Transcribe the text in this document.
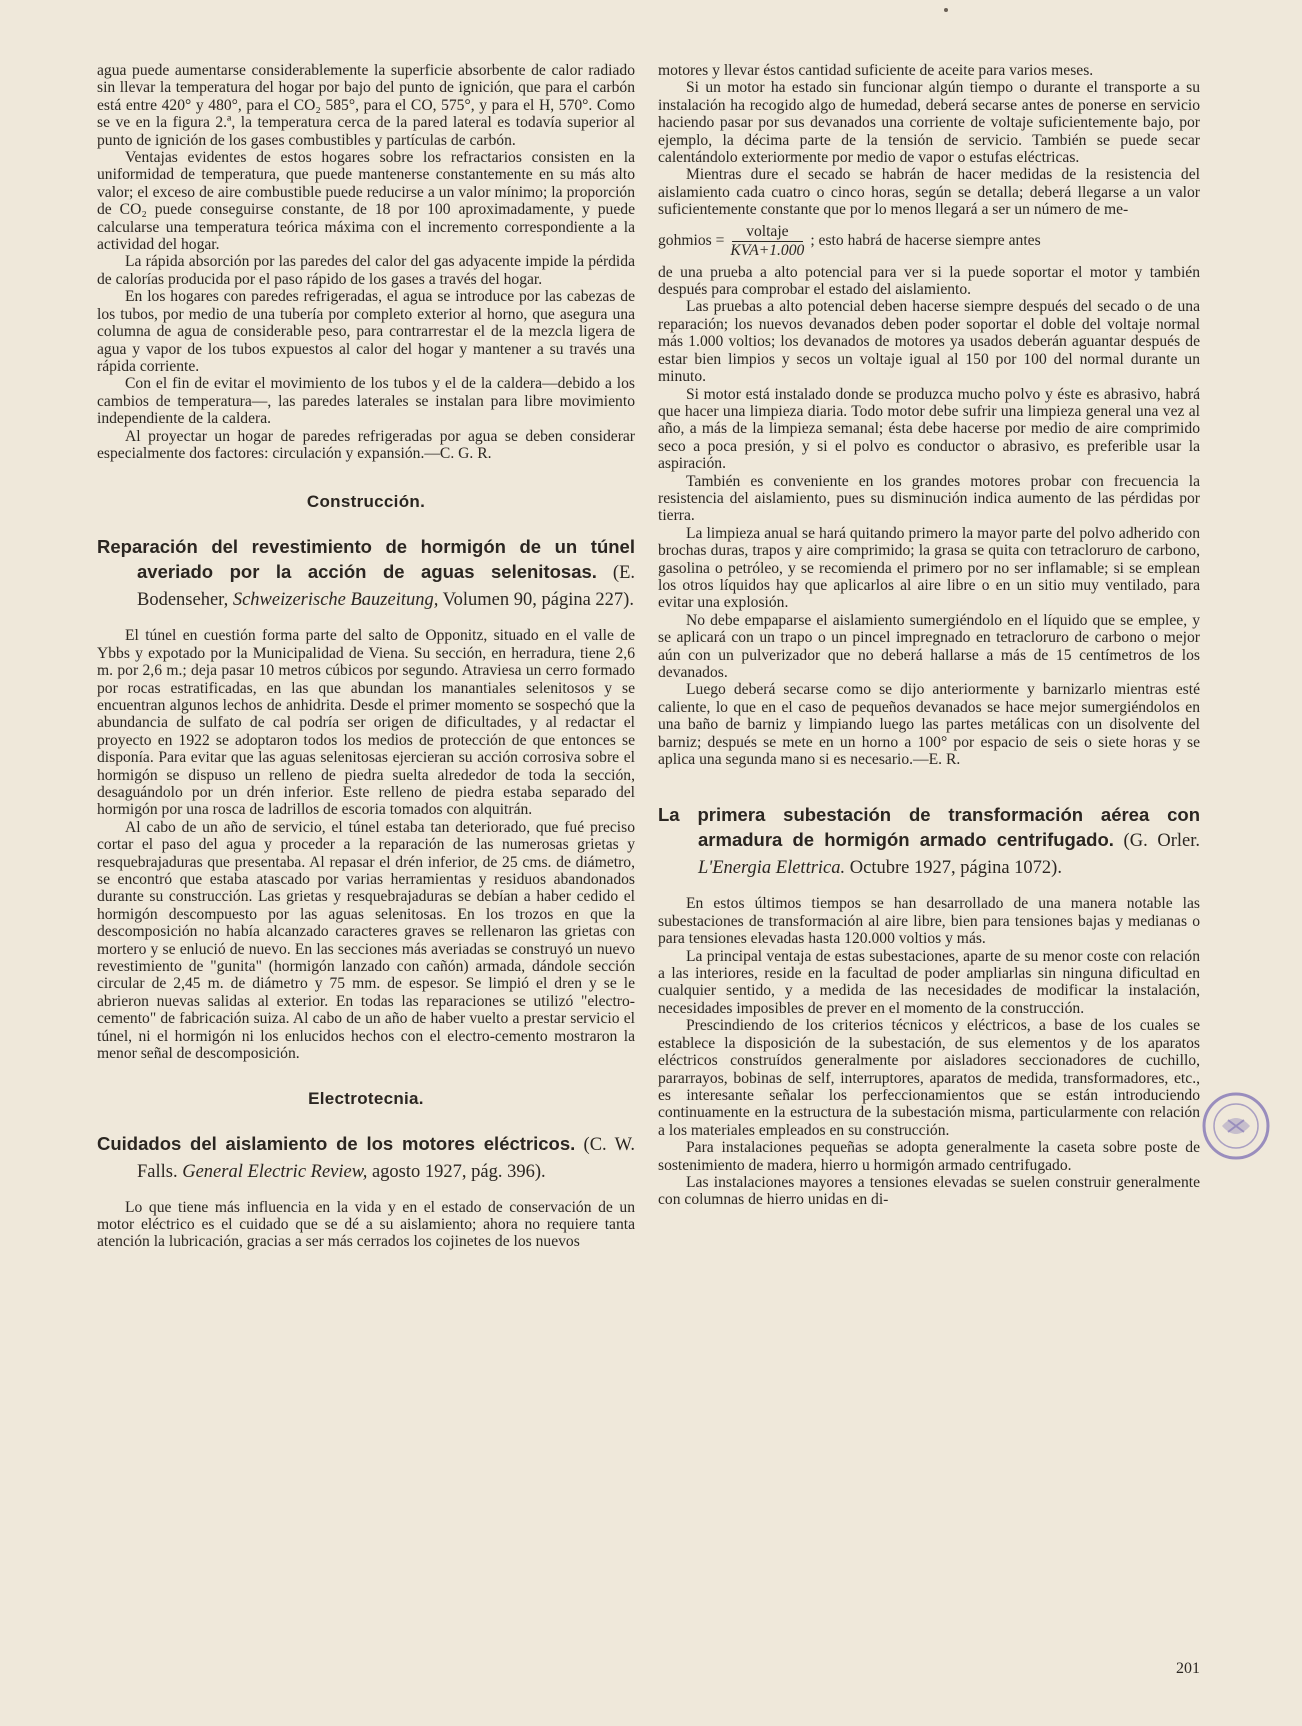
agua puede aumentarse considerablemente la superficie absorbente de calor radiado sin llevar la temperatura del hogar por bajo del punto de ignición, que para el carbón está entre 420° y 480°, para el CO₂ 585°, para el CO, 575°, y para el H, 570°. Como se ve en la figura 2.ª, la temperatura cerca de la pared lateral es todavía superior al punto de ignición de los gases combustibles y partículas de carbón.

Ventajas evidentes de estos hogares sobre los refractarios consisten en la uniformidad de temperatura, que puede mantenerse constantemente en su más alto valor; el exceso de aire combustible puede reducirse a un valor mínimo; la proporción de CO₂ puede conseguirse constante, de 18 por 100 aproximadamente, y puede calcularse una temperatura teórica máxima con el incremento correspondiente a la actividad del hogar.

La rápida absorción por las paredes del calor del gas adyacente impide la pérdida de calorías producida por el paso rápido de los gases a través del hogar.

En los hogares con paredes refrigeradas, el agua se introduce por las cabezas de los tubos, por medio de una tubería por completo exterior al horno, que asegura una columna de agua de considerable peso, para contrarrestar el de la mezcla ligera de agua y vapor de los tubos expuestos al calor del hogar y mantener a su través una rápida corriente.

Con el fin de evitar el movimiento de los tubos y el de la caldera—debido a los cambios de temperatura—, las paredes laterales se instalan para libre movimiento independiente de la caldera.

Al proyectar un hogar de paredes refrigeradas por agua se deben considerar especialmente dos factores: circulación y expansión.—C. G. R.

Construcción.

Reparación del revestimiento de hormigón de un túnel averiado por la acción de aguas selenitosas. (E. Bodenseher, Schweizerische Bauzeitung, Volumen 90, página 227).

El túnel en cuestión forma parte del salto de Opponitz, situado en el valle de Ybbs y expotado por la Municipalidad de Viena. Su sección, en herradura, tiene 2,6 m. por 2,6 m.; deja pasar 10 metros cúbicos por segundo. Atraviesa un cerro formado por rocas estratificadas, en las que abundan los manantiales selenitosos y se encuentran algunos lechos de anhidrita. Desde el primer momento se sospechó que la abundancia de sulfato de cal podría ser origen de dificultades, y al redactar el proyecto en 1922 se adoptaron todos los medios de protección de que entonces se disponía. Para evitar que las aguas selenitosas ejercieran su acción corrosiva sobre el hormigón se dispuso un relleno de piedra suelta alrededor de toda la sección, desaguándolo por un drén inferior. Este relleno de piedra estaba separado del hormigón por una rosca de ladrillos de escoria tomados con alquitrán.

Al cabo de un año de servicio, el túnel estaba tan deteriorado, que fué preciso cortar el paso del agua y proceder a la reparación de las numerosas grietas y resquebrajaduras que presentaba. Al repasar el drén inferior, de 25 cms. de diámetro, se encontró que estaba atascado por varias herramientas y residuos abandonados durante su construcción. Las grietas y resquebrajaduras se debían a haber cedido el hormigón descompuesto por las aguas selenitosas. En los trozos en que la descomposición no había alcanzado caracteres graves se rellenaron las grietas con mortero y se enlució de nuevo. En las secciones más averiadas se construyó un nuevo revestimiento de "gunita" (hormigón lanzado con cañón) armada, dándole sección circular de 2,45 m. de diámetro y 75 mm. de espesor. Se limpió el dren y se le abrieron nuevas salidas al exterior. En todas las reparaciones se utilizó "electro-cemento" de fabricación suiza. Al cabo de un año de haber vuelto a prestar servicio el túnel, ni el hormigón ni los enlucidos hechos con el electro-cemento mostraron la menor señal de descomposición.

Electrotecnia.

Cuidados del aislamiento de los motores eléctricos. (C. W. Falls. General Electric Review, agosto 1927, pág. 396).

Lo que tiene más influencia en la vida y en el estado de conservación de un motor eléctrico es el cuidado que se dé a su aislamiento; ahora no requiere tanta atención la lubricación, gracias a ser más cerrados los cojinetes de los nuevos

motores y llevar éstos cantidad suficiente de aceite para varios meses.

Si un motor ha estado sin funcionar algún tiempo o durante el transporte a su instalación ha recogido algo de humedad, deberá secarse antes de ponerse en servicio haciendo pasar por sus devanados una corriente de voltaje suficientemente bajo, por ejemplo, la décima parte de la tensión de servicio. También se puede secar calentándolo exteriormente por medio de vapor o estufas eléctricas.

Mientras dure el secado se habrán de hacer medidas de la resistencia del aislamiento cada cuatro o cinco horas, según se detalla; deberá llegarse a un valor suficientemente constante que por lo menos llegará a ser un número de me-

gohmios = $\frac{\text{voltaje}}{\text{KVA+1.000}}$ ; esto habrá de hacerse siempre antes

de una prueba a alto potencial para ver si la puede soportar el motor y también después para comprobar el estado del aislamiento.

Las pruebas a alto potencial deben hacerse siempre después del secado o de una reparación; los nuevos devanados deben poder soportar el doble del voltaje normal más 1.000 voltios; los devanados de motores ya usados deberán aguantar después de estar bien limpios y secos un voltaje igual al 150 por 100 del normal durante un minuto.

Si motor está instalado donde se produzca mucho polvo y éste es abrasivo, habrá que hacer una limpieza diaria. Todo motor debe sufrir una limpieza general una vez al año, a más de la limpieza semanal; ésta debe hacerse por medio de aire comprimido seco a poca presión, y si el polvo es conductor o abrasivo, es preferible usar la aspiración.

También es conveniente en los grandes motores probar con frecuencia la resistencia del aislamiento, pues su disminución indica aumento de las pérdidas por tierra.

La limpieza anual se hará quitando primero la mayor parte del polvo adherido con brochas duras, trapos y aire comprimido; la grasa se quita con tetracloruro de carbono, gasolina o petróleo, y se recomienda el primero por no ser inflamable; si se emplean los otros líquidos hay que aplicarlos al aire libre o en un sitio muy ventilado, para evitar una explosión.

No debe empaparse el aislamiento sumergiéndolo en el líquido que se emplee, y se aplicará con un trapo o un pincel impregnado en tetracloruro de carbono o mejor aún con un pulverizador que no deberá hallarse a más de 15 centímetros de los devanados.

Luego deberá secarse como se dijo anteriormente y barnizarlo mientras esté caliente, lo que en el caso de pequeños devanados se hace mejor sumergiéndolos en una baño de barniz y limpiando luego las partes metálicas con un disolvente del barniz; después se mete en un horno a 100° por espacio de seis o siete horas y se aplica una segunda mano si es necesario.—E. R.

La primera subestación de transformación aérea con armadura de hormigón armado centrifugado. (G. Orler. L'Energia Elettrica. Octubre 1927, página 1072).

En estos últimos tiempos se han desarrollado de una manera notable las subestaciones de transformación al aire libre, bien para tensiones bajas y medianas o para tensiones elevadas hasta 120.000 voltios y más.

La principal ventaja de estas subestaciones, aparte de su menor coste con relación a las interiores, reside en la facultad de poder ampliarlas sin ninguna dificultad en cualquier sentido, y a medida de las necesidades de modificar la instalación, necesidades imposibles de prever en el momento de la construcción.

Prescindiendo de los criterios técnicos y eléctricos, a base de los cuales se establece la disposición de la subestación, de sus elementos y de los aparatos eléctricos construídos generalmente por aisladores seccionadores de cuchillo, pararrayos, bobinas de self, interruptores, aparatos de medida, transformadores, etc., es interesante señalar los perfeccionamientos que se están introduciendo continuamente en la estructura de la subestación misma, particularmente con relación a los materiales empleados en su construcción.

Para instalaciones pequeñas se adopta generalmente la caseta sobre poste de sostenimiento de madera, hierro u hormigón armado centrifugado.

Las instalaciones mayores a tensiones elevadas se suelen construir generalmente con columnas de hierro unidas en di-

201
